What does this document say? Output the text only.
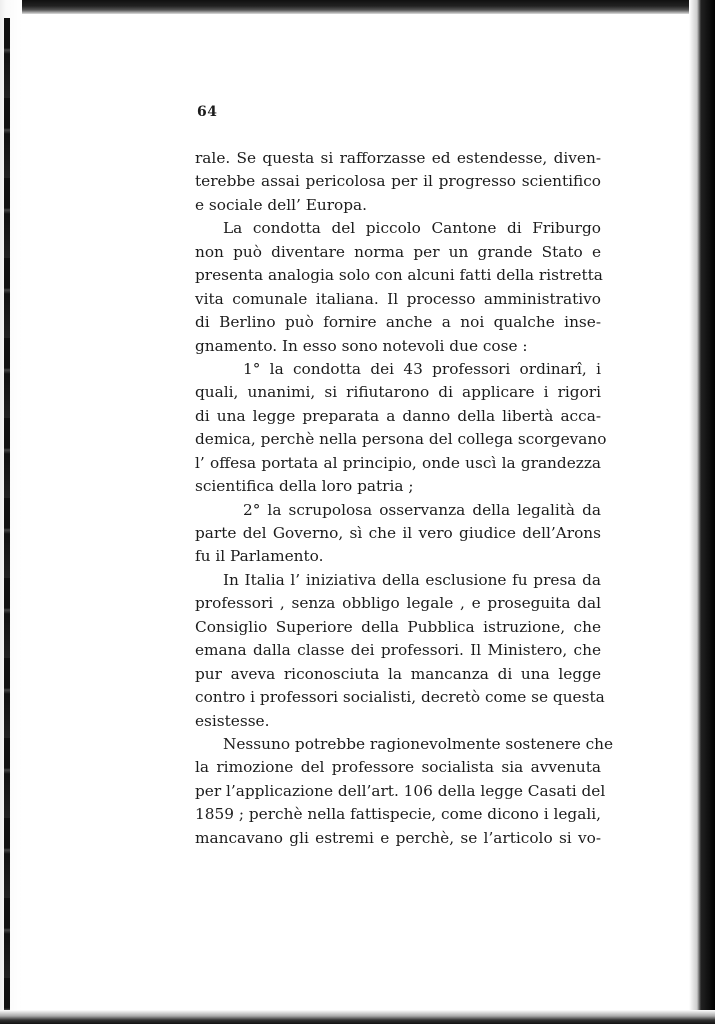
64
rale. Se questa si rafforzasse ed estendesse, diven-
terebbe assai pericolosa per il progresso scientifico
e sociale dell’ Europa.
La condotta del piccolo Cantone di Friburgo
non può diventare norma per un grande Stato e
presenta analogia solo con alcuni fatti della ristretta
vita comunale italiana. Il processo amministrativo
di Berlino può fornire anche a noi qualche inse-
gnamento. In esso sono notevoli due cose :
1° la condotta dei 43 professori ordinarî, i
quali, unanimi, si rifiutarono di applicare i rigori
di una legge preparata a danno della libertà acca-
demica, perchè nella persona del collega scorgevano
l’ offesa portata al principio, onde uscì la grandezza
scientifica della loro patria ;
2° la scrupolosa osservanza della legalità da
parte del Governo, sì che il vero giudice dell’Arons
fu il Parlamento.
In Italia l’ iniziativa della esclusione fu presa da
professori , senza obbligo legale , e proseguita dal
Consiglio Superiore della Pubblica istruzione, che
emana dalla classe dei professori. Il Ministero, che
pur aveva riconosciuta la mancanza di una legge
contro i professori socialisti, decretò come se questa
esistesse.
Nessuno potrebbe ragionevolmente sostenere che
la rimozione del professore socialista sia avvenuta
per l’applicazione dell’art. 106 della legge Casati del
1859 ; perchè nella fattispecie, come dicono i legali,
mancavano gli estremi e perchè, se l’articolo si vo-
